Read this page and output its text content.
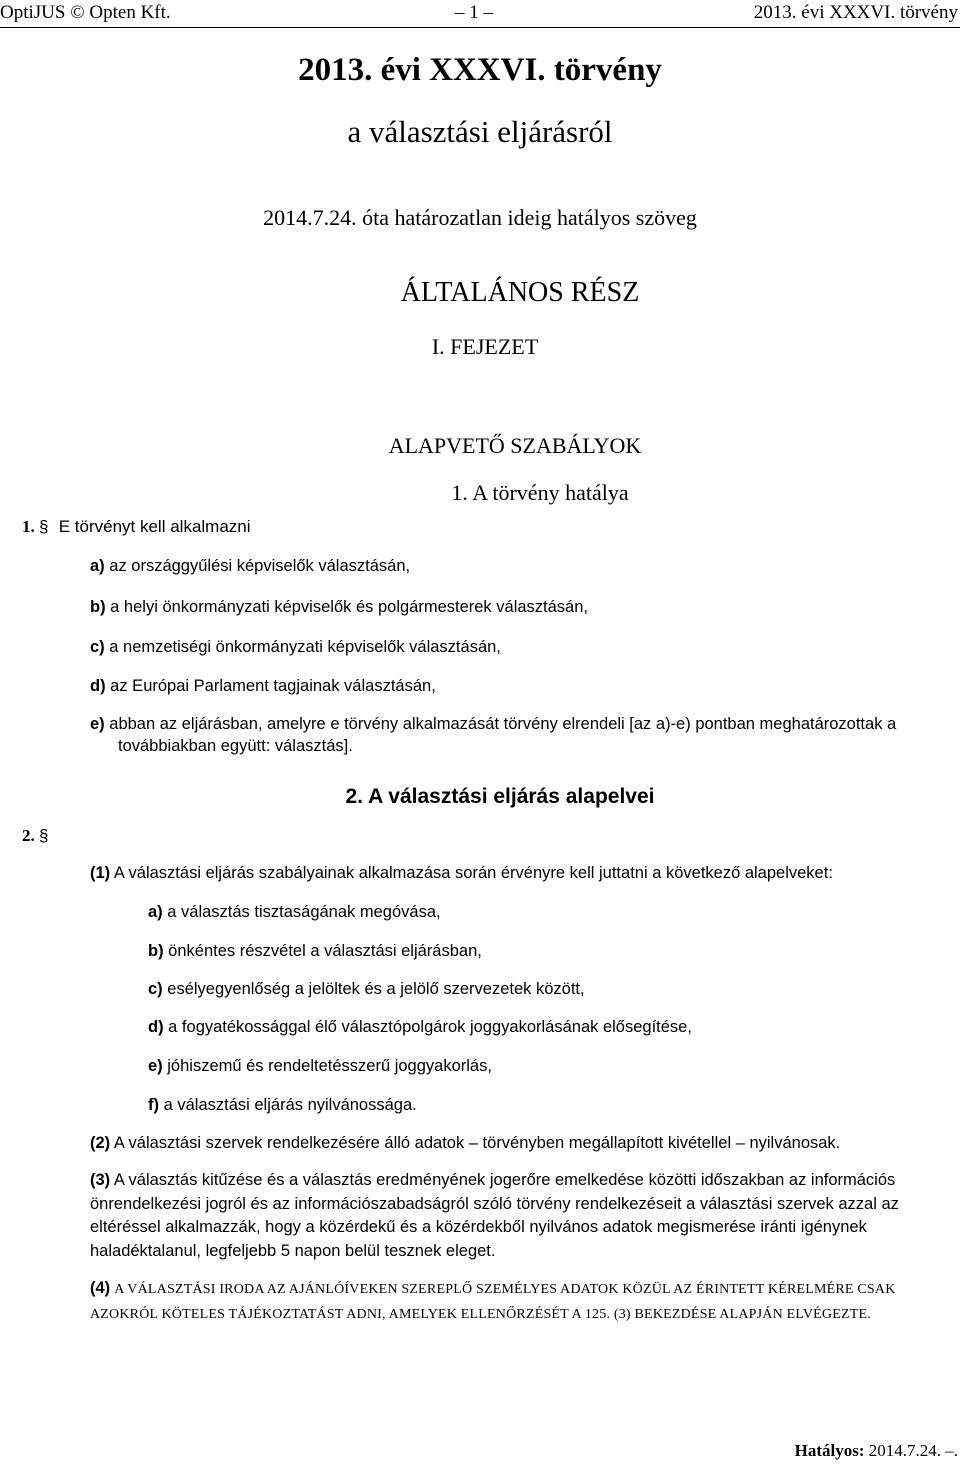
OptiJUS © Opten Kft.	– 1 –	2013. évi XXXVI. törvény
2013. évi XXXVI. törvény
a választási eljárásról
2014.7.24. óta határozatlan ideig hatályos szöveg
ÁLTALÁNOS RÉSZ
I. FEJEZET
ALAPVETŐ SZABÁLYOK
1. A törvény hatálya
1. § E törvényt kell alkalmazni
a) az országgyűlési képviselők választásán,
b) a helyi önkormányzati képviselők és polgármesterek választásán,
c) a nemzetiségi önkormányzati képviselők választásán,
d) az Európai Parlament tagjainak választásán,
e) abban az eljárásban, amelyre e törvény alkalmazását törvény elrendeli [az a)-e) pontban meghatározottak a továbbiakban együtt: választás].
2. A választási eljárás alapelvei
2. §
(1) A választási eljárás szabályainak alkalmazása során érvényre kell juttatni a következő alapelveket:
a) a választás tisztaságának megóvása,
b) önkéntes részvétel a választási eljárásban,
c) esélyegyenlőség a jelöltek és a jelölő szervezetek között,
d) a fogyatékossággal élő választópolgárok joggyakorlásának elősegítése,
e) jóhiszemű és rendeltetésszerű joggyakorlás,
f) a választási eljárás nyilvánossága.
(2) A választási szervek rendelkezésére álló adatok – törvényben megállapított kivétellel – nyilvánosak.
(3) A választás kitűzése és a választás eredményének jogerőre emelkedése közötti időszakban az információs önrendelkezési jogról és az információszabadságról szóló törvény rendelkezéseit a választási szervek azzal az eltéréssel alkalmazzák, hogy a közérdekű és a közérdekből nyilvános adatok megismerése iránti igénynek haladéktalanul, legfeljebb 5 napon belül tesznek eleget.
(4) A VÁLASZTÁSI IRODA AZ AJÁNLÓÍVEKEN SZEREPLŐ SZEMÉLYES ADATOK KÖZÜL AZ ÉRINTETT KÉRELMÉRE CSAK AZOKRÓL KÖTELES TÁJÉKOZTATÁST ADNI, AMELYEK ELLENŐRZÉSÉT A 125. (3) BEKEZDÉSE ALAPJÁN ELVÉGEZTE.
Hatályos: 2014.7.24. –.
